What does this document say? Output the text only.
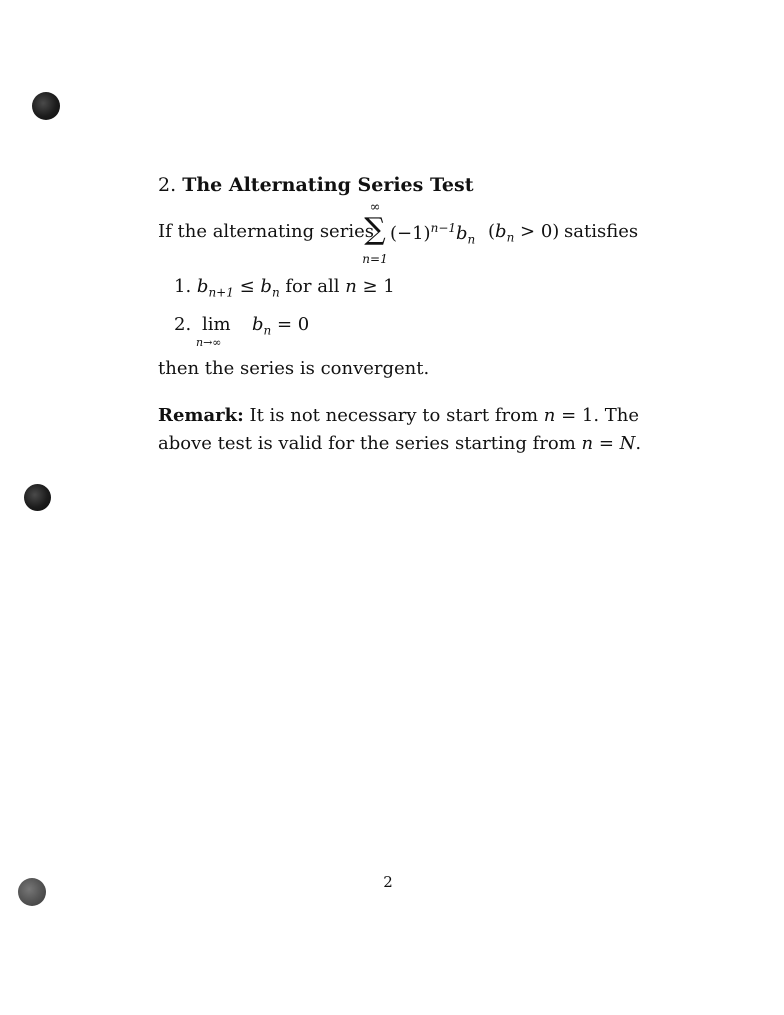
2. The Alternating Series Test
If the alternating series
∞
∑
n=1
$(-1)^{n-1}b_n$ $(b_n > 0)$ satisfies
1. $b_{n+1} \le b_n$ for all n ≥ 1
2. lim
n→∞
$b_n = 0$
then the series is convergent.
Remark: It is not necessary to start from n = 1. The above test is valid for the series starting from n = N.
2
